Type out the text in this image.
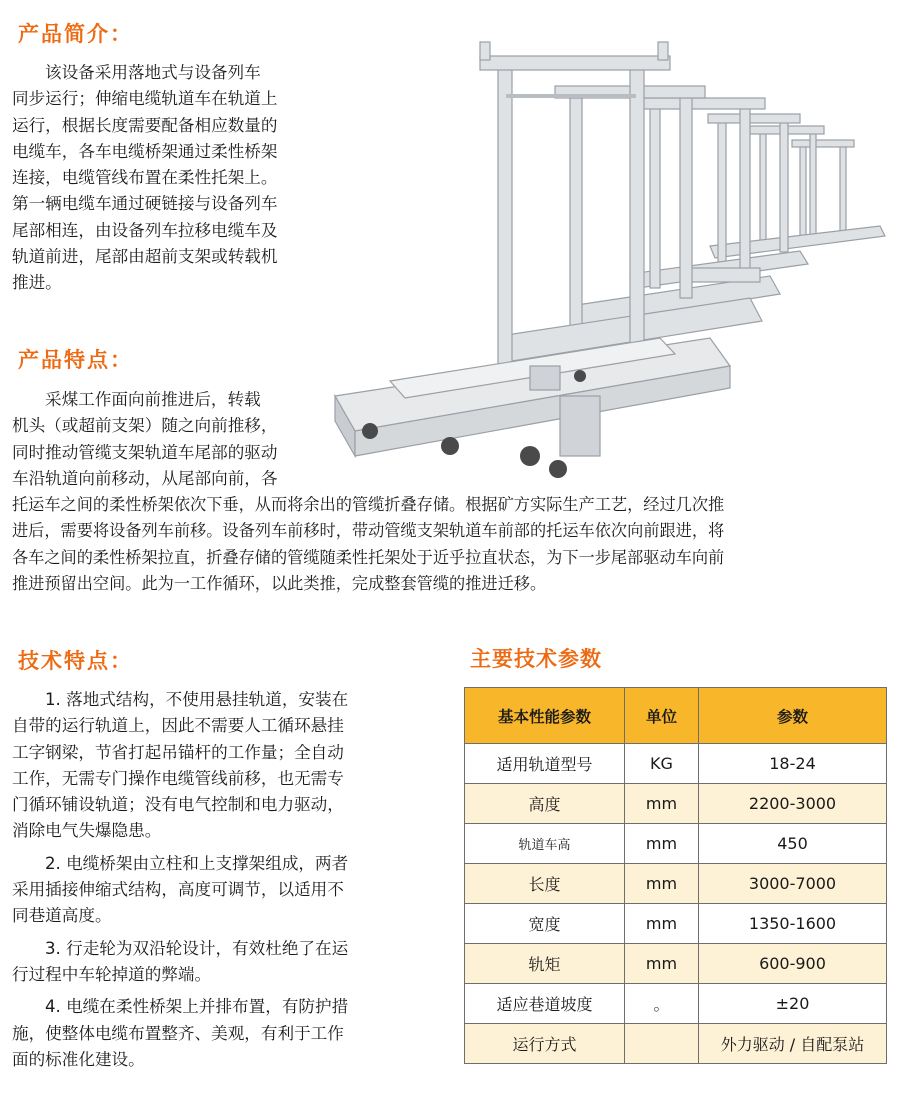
产品简介：
该设备采用落地式与设备列车
同步运行；伸缩电缆轨道车在轨道上
运行，根据长度需要配备相应数量的
电缆车，各车电缆桥架通过柔性桥架
连接，电缆管线布置在柔性托架上。
第一辆电缆车通过硬链接与设备列车
尾部相连，由设备列车拉移电缆车及
轨道前进，尾部由超前支架或转载机
推进。
产品特点：
采煤工作面向前推进后，转载
机头（或超前支架）随之向前推移，
同时推动管缆支架轨道车尾部的驱动
车沿轨道向前移动，从尾部向前，各
托运车之间的柔性桥架依次下垂，从而将余出的管缆折叠存储。根据矿方实际生产工艺，经过几次推
进后，需要将设备列车前移。设备列车前移时，带动管缆支架轨道车前部的托运车依次向前跟进，将
各车之间的柔性桥架拉直，折叠存储的管缆随柔性托架处于近乎拉直状态，为下一步尾部驱动车向前
推进预留出空间。此为一工作循环，以此类推，完成整套管缆的推进迁移。
技术特点：
1. 落地式结构，不使用悬挂轨道，安装在
自带的运行轨道上，因此不需要人工循环悬挂
工字钢梁，节省打起吊锚杆的工作量；全自动
工作，无需专门操作电缆管线前移，也无需专
门循环铺设轨道；没有电气控制和电力驱动，
消除电气失爆隐患。
2. 电缆桥架由立柱和上支撑架组成，两者
采用插接伸缩式结构，高度可调节，以适用不
同巷道高度。
3. 行走轮为双沿轮设计，有效杜绝了在运
行过程中车轮掉道的弊端。
4. 电缆在柔性桥架上并排布置，有防护措
施，使整体电缆布置整齐、美观，有利于工作
面的标准化建设。
主要技术参数
基本性能参数	单位	参数
适用轨道型号	KG	18-24
高度	mm	2200-3000
轨道车高	mm	450
长度	mm	3000-7000
宽度	mm	1350-1600
轨矩	mm	600-900
适应巷道坡度	。	±20
运行方式		外力驱动 / 自配泵站
